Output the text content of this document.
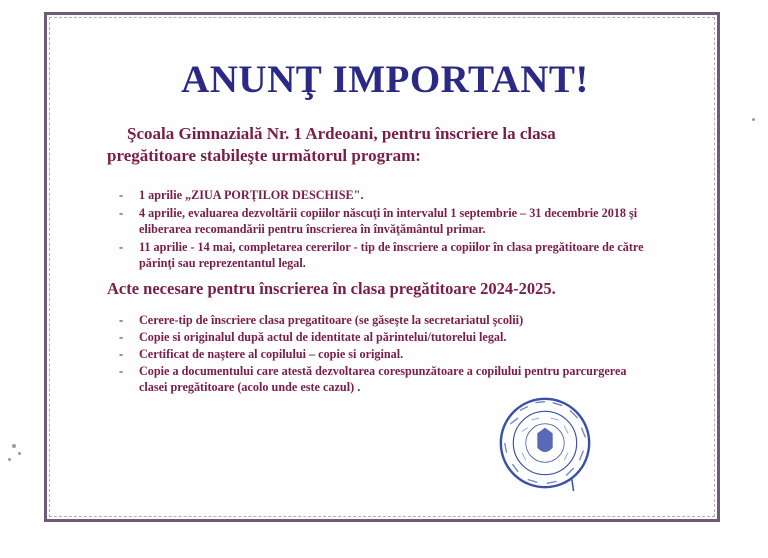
ANUNŢ IMPORTANT!

Şcoala Gimnazială Nr. 1 Ardeoani, pentru înscriere la clasa pregătitoare stabileşte următorul program:

- 1 aprilie „ZIUA PORŢILOR DESCHISE".
- 4 aprilie, evaluarea dezvoltării copiilor născuţi în intervalul 1 septembrie – 31 decembrie 2018 şi eliberarea recomandării pentru înscrierea în învăţământul primar.
- 11 aprilie - 14 mai, completarea cererilor - tip de înscriere a copiilor în clasa pregătitoare de către părinţi sau reprezentantul legal.
Acte necesare pentru înscrierea în clasa pregătitoare 2024-2025.
- Cerere-tip de înscriere clasa pregatitoare (se găseşte la secretariatul şcolii)
- Copie si originalul după actul de identitate al părintelui/tutorelui legal.
- Certificat de naştere al copilului – copie si original.
- Copie a documentului care atestă dezvoltarea corespunzătoare a copilului pentru parcurgerea clasei pregătitoare (acolo unde este cazul) .
